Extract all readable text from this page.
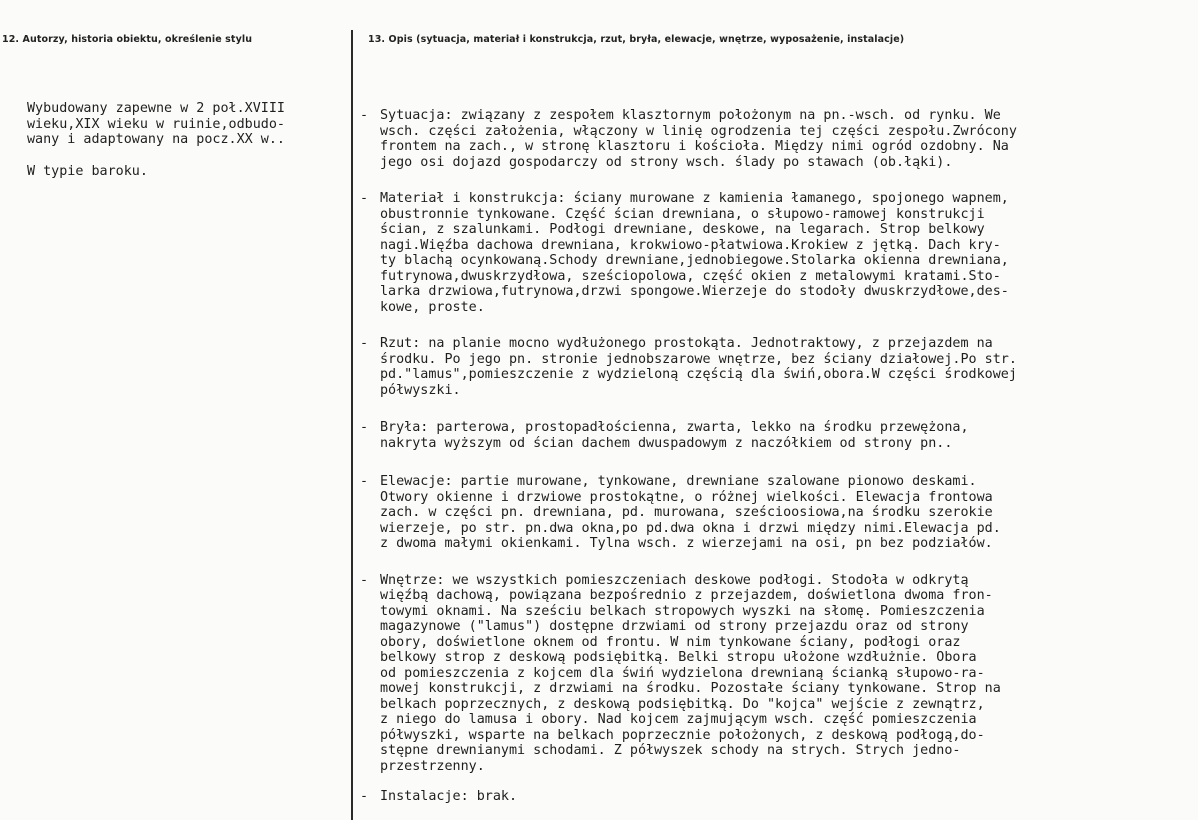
12. Autorzy, historia obiektu, określenie stylu	13. Opis (sytuacja, materiał i konstrukcja, rzut, bryła, elewacje, wnętrze, wyposażenie, instalacje)

Wybudowany zapewne w 2 poł.XVIII
wieku,XIX wieku w ruinie,odbudo-
wany i adaptowany na pocz.XX w..

W typie baroku.

- Sytuacja: związany z zespołem klasztornym położonym na pn.-wsch. od rynku. We
wsch. części założenia, włączony w linię ogrodzenia tej części zespołu.Zwrócony
frontem na zach., w stronę klasztoru i kościoła. Między nimi ogród ozdobny. Na
jego osi dojazd gospodarczy od strony wsch. ślady po stawach (ob.łąki).
- Materiał i konstrukcja: ściany murowane z kamienia łamanego, spojonego wapnem,
obustronnie tynkowane. Część ścian drewniana, o słupowo-ramowej konstrukcji
ścian, z szalunkami. Podłogi drewniane, deskowe, na legarach. Strop belkowy
nagi.Więźba dachowa drewniana, krokwiowo-płatwiowa.Krokiew z jętką. Dach kry-
ty blachą ocynkowaną.Schody drewniane,jednobiegowe.Stolarka okienna drewniana,
futrynowa,dwuskrzydłowa, sześciopolowa, część okien z metalowymi kratami.Sto-
larka drzwiowa,futrynowa,drzwi spongowe.Wierzeje do stodoły dwuskrzydłowe,des-
kowe, proste.
- Rzut: na planie mocno wydłużonego prostokąta. Jednotraktowy, z przejazdem na
środku. Po jego pn. stronie jednobszarowe wnętrze, bez ściany działowej.Po str.
pd."lamus",pomieszczenie z wydzieloną częścią dla świń,obora.W części środkowej
półwyszki.
- Bryła: parterowa, prostopadłościenna, zwarta, lekko na środku przewężona,
nakryta wyższym od ścian dachem dwuspadowym z naczółkiem od strony pn..
- Elewacje: partie murowane, tynkowane, drewniane szalowane pionowo deskami.
Otwory okienne i drzwiowe prostokątne, o różnej wielkości. Elewacja frontowa
zach. w części pn. drewniana, pd. murowana, sześcioosiowa,na środku szerokie
wierzeje, po str. pn.dwa okna,po pd.dwa okna i drzwi między nimi.Elewacja pd.
z dwoma małymi okienkami. Tylna wsch. z wierzejami na osi, pn bez podziałów.
- Wnętrze: we wszystkich pomieszczeniach deskowe podłogi. Stodoła w odkrytą
więźbą dachową, powiązana bezpośrednio z przejazdem, doświetlona dwoma fron-
towymi oknami. Na sześciu belkach stropowych wyszki na słomę. Pomieszczenia
magazynowe ("lamus") dostępne drzwiami od strony przejazdu oraz od strony
obory, doświetlone oknem od frontu. W nim tynkowane ściany, podłogi oraz
belkowy strop z deskową podsiębitką. Belki stropu ułożone wzdłużnie. Obora
od pomieszczenia z kojcem dla świń wydzielona drewnianą ścianką słupowo-ra-
mowej konstrukcji, z drzwiami na środku. Pozostałe ściany tynkowane. Strop na
belkach poprzecznych, z deskową podsiębitką. Do "kojca" wejście z zewnątrz,
z niego do lamusa i obory. Nad kojcem zajmującym wsch. część pomieszczenia
półwyszki, wsparte na belkach poprzecznie położonych, z deskową podłogą,do-
stępne drewnianymi schodami. Z półwyszek schody na strych. Strych jedno-
przestrzenny.
- Instalacje: brak.
